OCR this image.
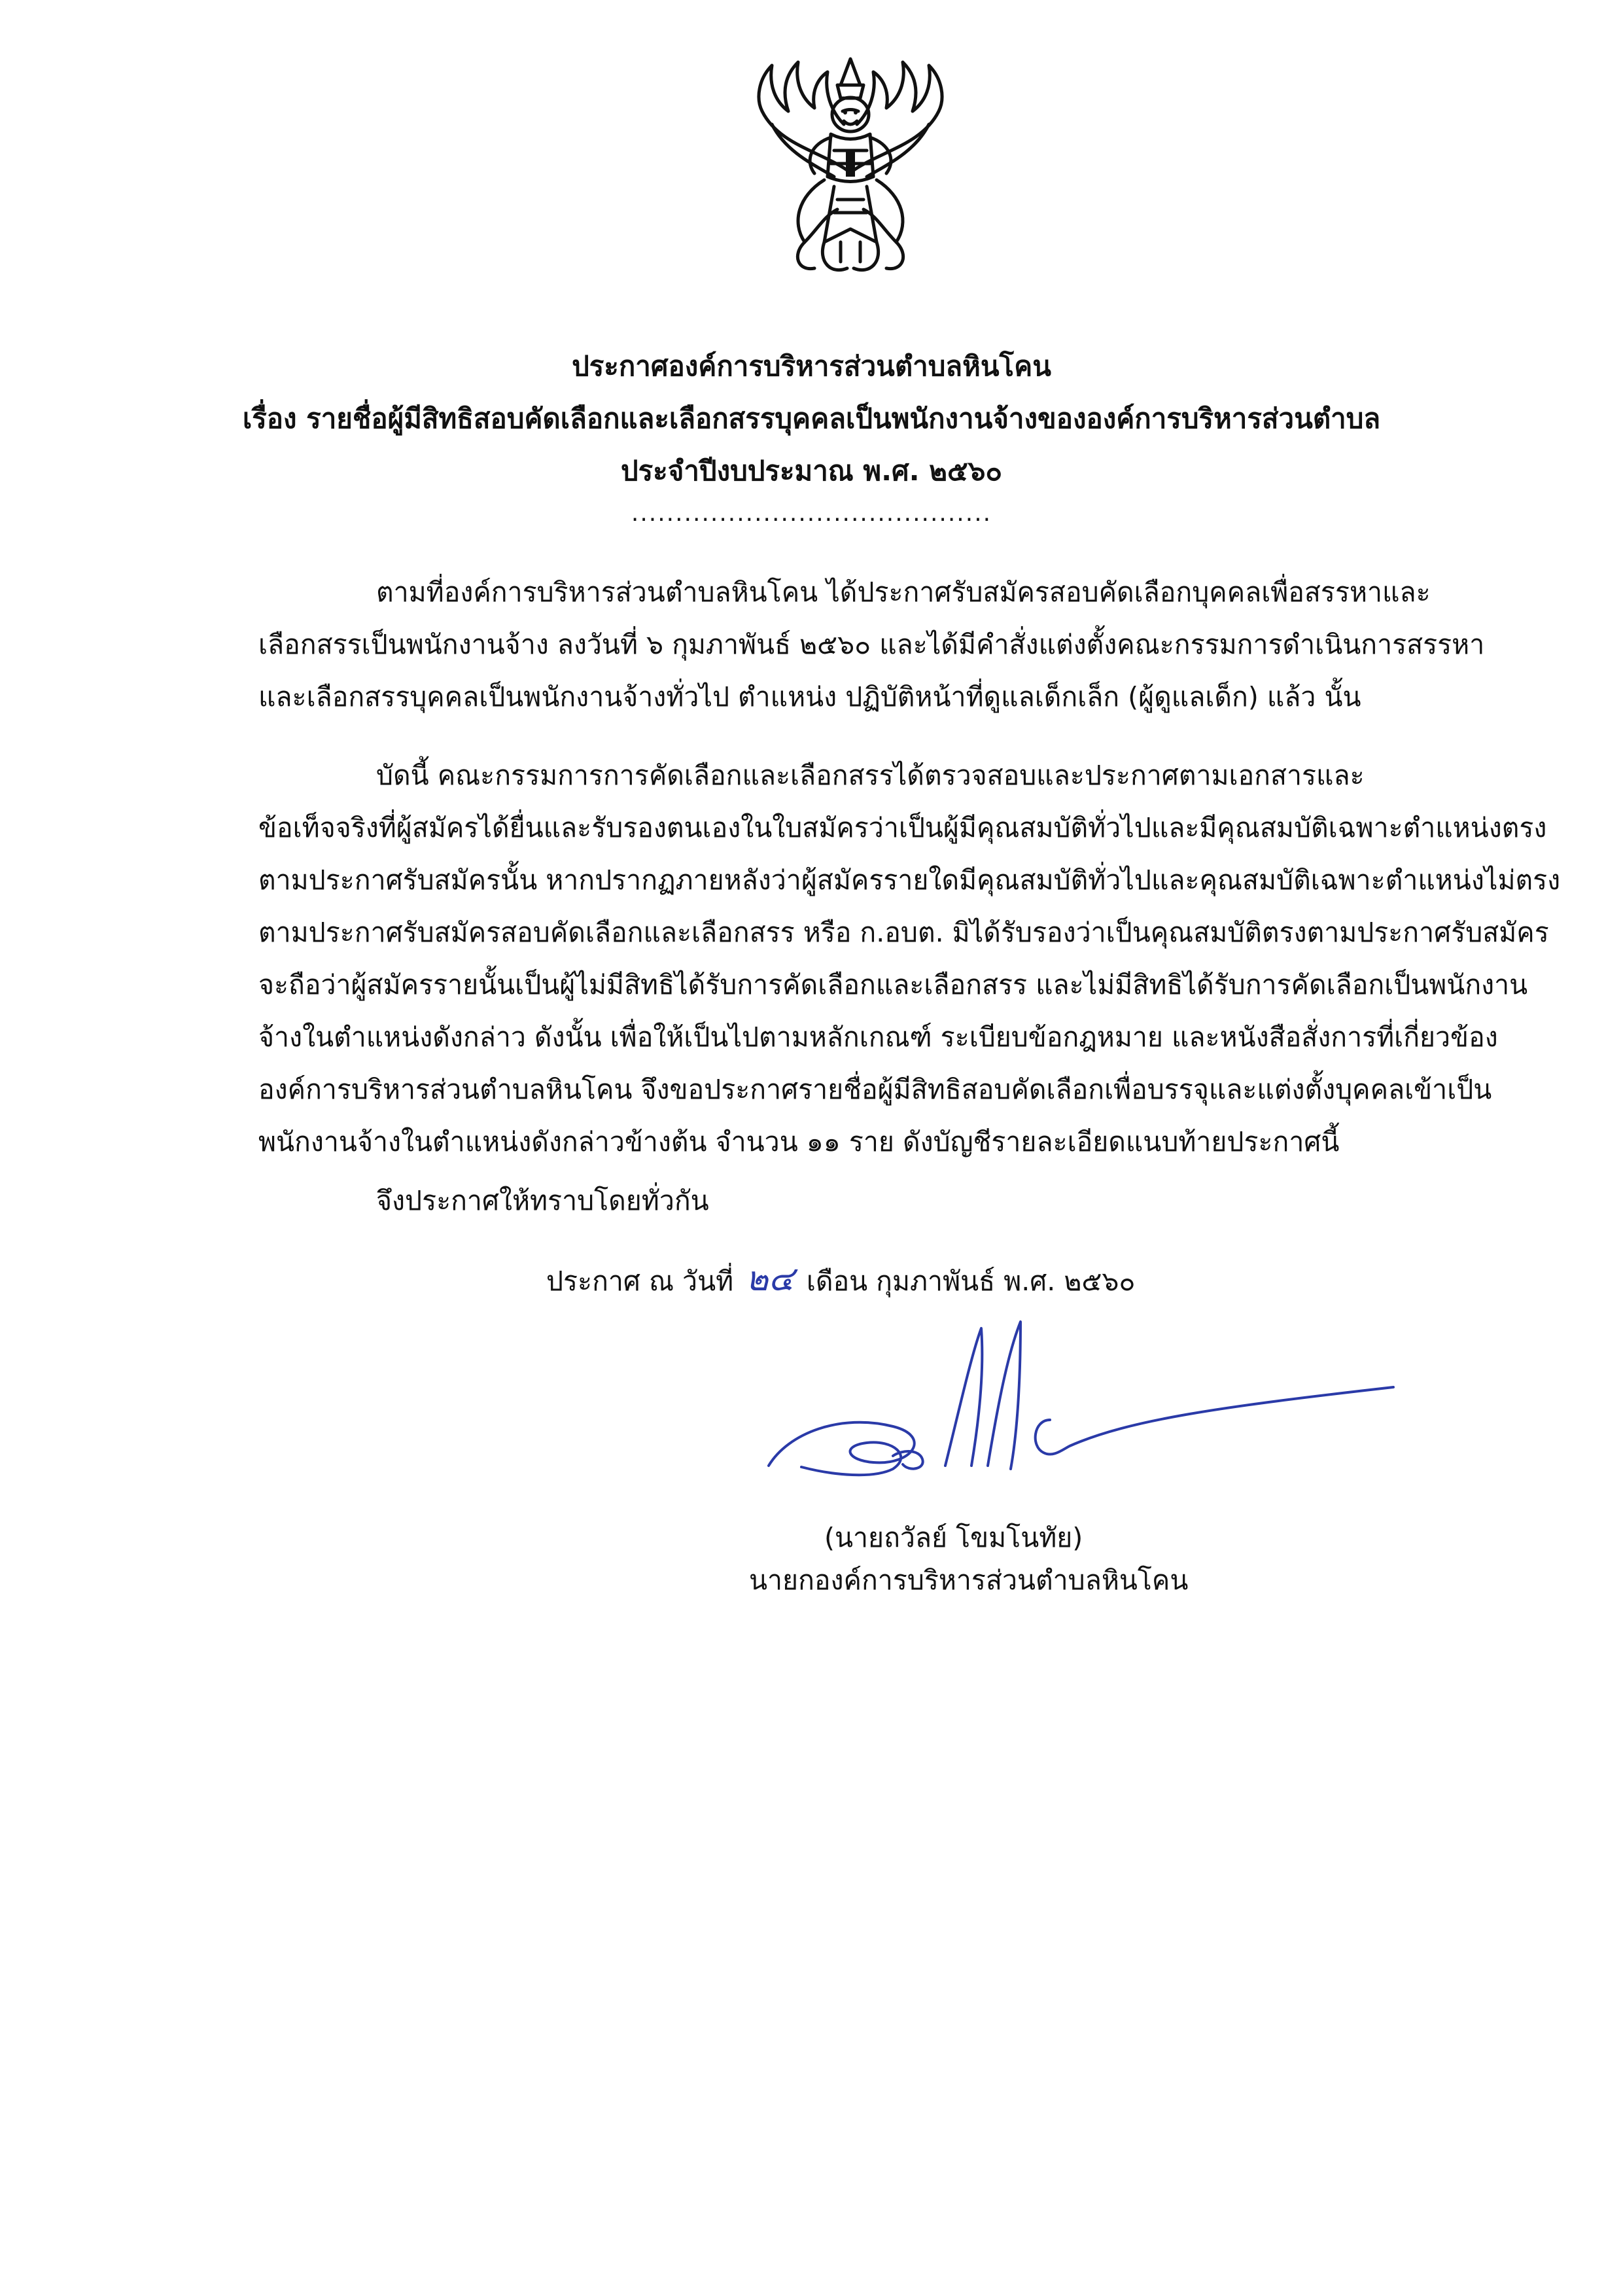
ประกาศองค์การบริหารส่วนตำบลหินโคน
เรื่อง รายชื่อผู้มีสิทธิสอบคัดเลือกและเลือกสรรบุคคลเป็นพนักงานจ้างขององค์การบริหารส่วนตำบล
ประจำปีงบประมาณ พ.ศ. ๒๕๖๐
.........................................
ตามที่องค์การบริหารส่วนตำบลหินโคน ได้ประกาศรับสมัครสอบคัดเลือกบุคคลเพื่อสรรหาและ
เลือกสรรเป็นพนักงานจ้าง ลงวันที่ ๖ กุมภาพันธ์ ๒๕๖๐ และได้มีคำสั่งแต่งตั้งคณะกรรมการดำเนินการสรรหา
และเลือกสรรบุคคลเป็นพนักงานจ้างทั่วไป ตำแหน่ง ปฏิบัติหน้าที่ดูแลเด็กเล็ก (ผู้ดูแลเด็ก) แล้ว นั้น
บัดนี้ คณะกรรมการการคัดเลือกและเลือกสรรได้ตรวจสอบและประกาศตามเอกสารและ
ข้อเท็จจริงที่ผู้สมัครได้ยื่นและรับรองตนเองในใบสมัครว่าเป็นผู้มีคุณสมบัติทั่วไปและมีคุณสมบัติเฉพาะตำแหน่งตรง
ตามประกาศรับสมัครนั้น หากปรากฏภายหลังว่าผู้สมัครรายใดมีคุณสมบัติทั่วไปและคุณสมบัติเฉพาะตำแหน่งไม่ตรง
ตามประกาศรับสมัครสอบคัดเลือกและเลือกสรร หรือ ก.อบต. มิได้รับรองว่าเป็นคุณสมบัติตรงตามประกาศรับสมัคร
จะถือว่าผู้สมัครรายนั้นเป็นผู้ไม่มีสิทธิได้รับการคัดเลือกและเลือกสรร และไม่มีสิทธิได้รับการคัดเลือกเป็นพนักงาน
จ้างในตำแหน่งดังกล่าว ดังนั้น เพื่อให้เป็นไปตามหลักเกณฑ์ ระเบียบข้อกฎหมาย และหนังสือสั่งการที่เกี่ยวข้อง
องค์การบริหารส่วนตำบลหินโคน จึงขอประกาศรายชื่อผู้มีสิทธิสอบคัดเลือกเพื่อบรรจุและแต่งตั้งบุคคลเข้าเป็น
พนักงานจ้างในตำแหน่งดังกล่าวข้างต้น จำนวน ๑๑ ราย ดังบัญชีรายละเอียดแนบท้ายประกาศนี้
จึงประกาศให้ทราบโดยทั่วกัน
ประกาศ ณ วันที่ ๒๔ เดือน กุมภาพันธ์ พ.ศ. ๒๕๖๐
(นายถวัลย์ โขมโนทัย)
นายกองค์การบริหารส่วนตำบลหินโคน
